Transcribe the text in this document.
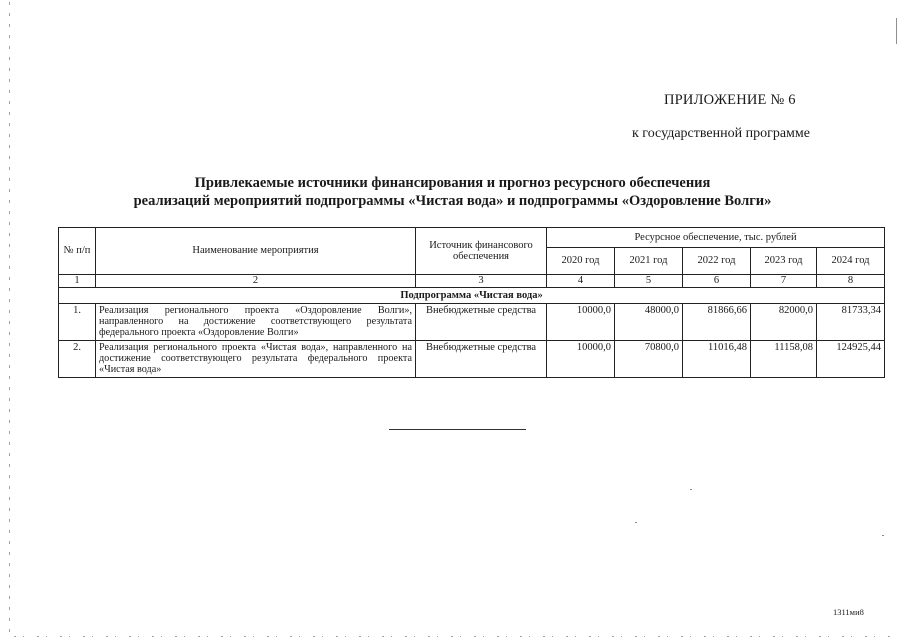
ПРИЛОЖЕНИЕ № 6
к государственной программе
Привлекаемые источники финансирования и прогноз ресурсного обеспечения
реализаций мероприятий подпрограммы «Чистая вода» и подпрограммы «Оздоровление Волги»
№ п/п	Наименование мероприятия	Источник финансового обеспечения	Ресурсное обеспечение, тыс. рублей				
			2020 год	2021 год	2022 год	2023 год	2024 год
1	2	3	4	5	6	7	8
Подпрограмма «Чистая вода»							
1.	Реализация регионального проекта «Оздоровление Волги», направленного на достижение соответствующего результата федерального проекта «Оздоровление Волги»	Внебюджетные средства	10000,0	48000,0	81866,66	82000,0	81733,34
2.	Реализация регионального проекта «Чистая вода», направленного на достижение соответствующего результата федерального проекта «Чистая вода»	Внебюджетные средства	10000,0	70800,0	11016,48	11158,08	124925,44
1311ми8
